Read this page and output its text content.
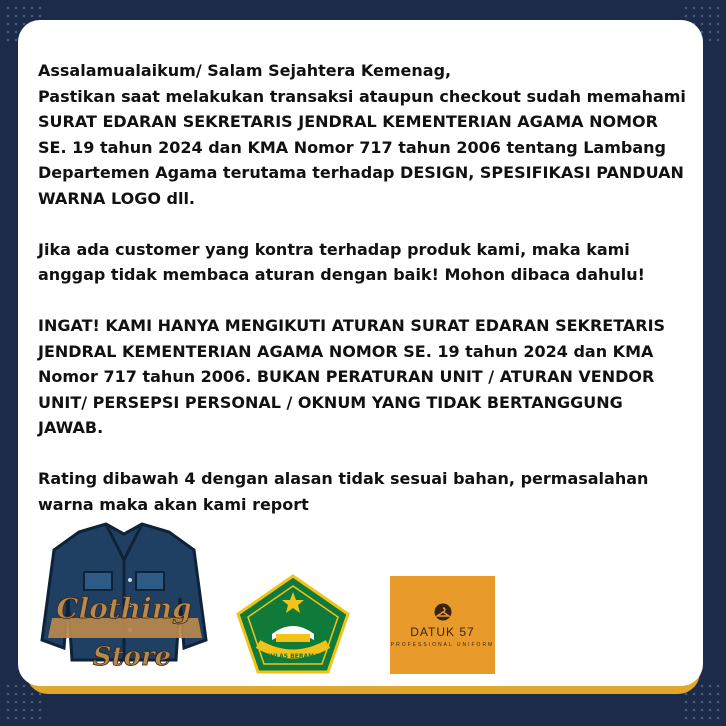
Assalamualaikum/ Salam Sejahtera Kemenag,
Pastikan saat melakukan transaksi ataupun checkout sudah memahami SURAT EDARAN SEKRETARIS JENDRAL KEMENTERIAN AGAMA NOMOR SE. 19 tahun 2024 dan KMA Nomor 717 tahun 2006 tentang Lambang Departemen Agama terutama terhadap DESIGN, SPESIFIKASI PANDUAN WARNA LOGO dll.

Jika ada customer yang kontra terhadap produk kami, maka kami anggap tidak membaca aturan dengan baik! Mohon dibaca dahulu!

INGAT! KAMI HANYA MENGIKUTI ATURAN SURAT EDARAN SEKRETARIS JENDRAL KEMENTERIAN AGAMA NOMOR SE. 19 tahun 2024 dan KMA Nomor 717 tahun 2006. BUKAN PERATURAN UNIT / ATURAN VENDOR UNIT/ PERSEPSI PERSONAL / OKNUM YANG TIDAK BERTANGGUNG JAWAB.

Rating dibawah 4 dengan alasan tidak sesuai bahan, permasalahan warna maka akan kami report

Clothing
Store	IKHLAS BERAMAL
DATUK 57
PROFESSIONAL UNIFORM
